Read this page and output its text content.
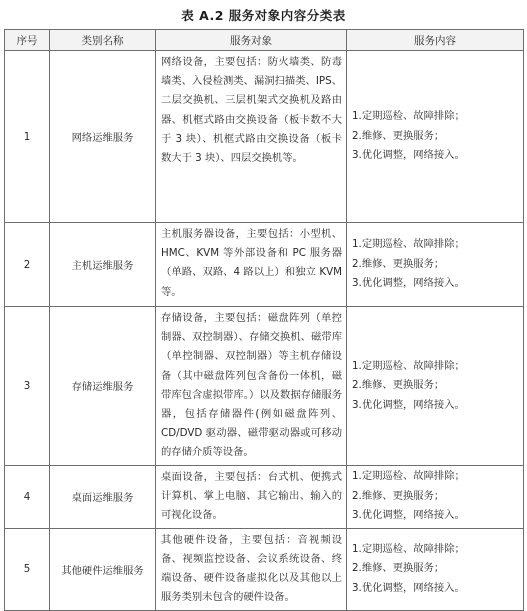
表 A.2 服务对象内容分类表
序号	类别名称	服务对象	服务内容
1	网络运维服务	网络设备，主要包括：防火墙类、防毒墙类、入侵检测类、漏洞扫描类、IPS、二层交换机、三层机架式交换机及路由器、机框式路由交换设备（板卡数不大于 3 块）、机框式路由交换设备（板卡数大于 3 块）、四层交换机等。	1.定期巡检、故障排除；
2.维修、更换服务；
3.优化调整，网络接入。

2	主机运维服务	主机服务器设备，主要包括：小型机、HMC、KVM 等外部设备和 PC 服务器（单路、双路、4 路以上）和独立 KVM 等。	1.定期巡检、故障排除；
2.维修、更换服务；
3.优化调整，网络接入。

3	存储运维服务	存储设备，主要包括：磁盘阵列（单控制器、双控制器）、存储交换机、磁带库（单控制器、双控制器）等主机存储设备（其中磁盘阵列包含备份一体机，磁带库包含虚拟带库。）以及数据存储服务器，包括存储器件(例如磁盘阵列、CD/DVD 驱动器、磁带驱动器或可移动的存储介质等设备。	1.定期巡检、故障排除；
2.维修、更换服务；
3.优化调整，网络接入。

4	桌面运维服务	桌面设备，主要包括：台式机、便携式计算机、掌上电脑、其它输出、输入的可视化设备。	1.定期巡检、故障排除；
2.维修、更换服务；
3.优化调整，网络接入。

5	其他硬件运维服务	其他硬件设备，主要包括：音视频设备、视频监控设备、会议系统设备、终端设备、硬件设备虚拟化以及其他以上服务类别未包含的硬件设备。	1.定期巡检、故障排除；
2.维修、更换服务；
3.优化调整，网络接入。
